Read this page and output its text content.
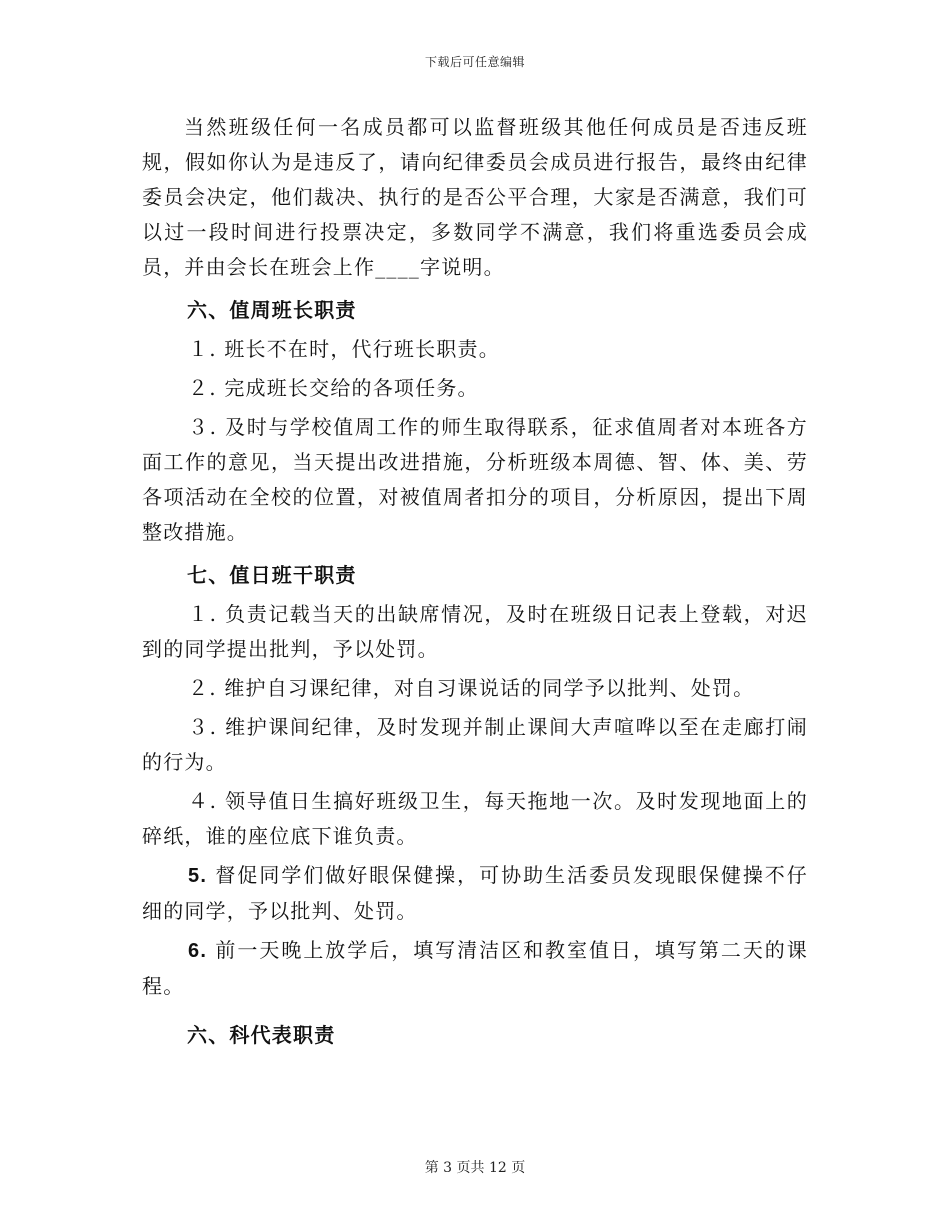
下载后可任意编辑

当然班级任何一名成员都可以监督班级其他任何成员是否违反班规，假如你认为是违反了，请向纪律委员会成员进行报告，最终由纪律委员会决定，他们裁决、执行的是否公平合理，大家是否满意，我们可以过一段时间进行投票决定，多数同学不满意，我们将重选委员会成员，并由会长在班会上作____字说明。

六、值周班长职责

１. 班长不在时，代行班长职责。

２. 完成班长交给的各项任务。

３. 及时与学校值周工作的师生取得联系，征求值周者对本班各方面工作的意见，当天提出改进措施，分析班级本周德、智、体、美、劳各项活动在全校的位置，对被值周者扣分的项目，分析原因，提出下周整改措施。

七、值日班干职责

１. 负责记载当天的出缺席情况，及时在班级日记表上登载，对迟到的同学提出批判，予以处罚。

２. 维护自习课纪律，对自习课说话的同学予以批判、处罚。

３. 维护课间纪律，及时发现并制止课间大声喧哗以至在走廊打闹的行为。

４. 领导值日生搞好班级卫生，每天拖地一次。及时发现地面上的碎纸，谁的座位底下谁负责。

5. 督促同学们做好眼保健操，可协助生活委员发现眼保健操不仔细的同学，予以批判、处罚。

6. 前一天晚上放学后，填写清洁区和教室值日，填写第二天的课程。

六、科代表职责

第 3 页共 12 页
